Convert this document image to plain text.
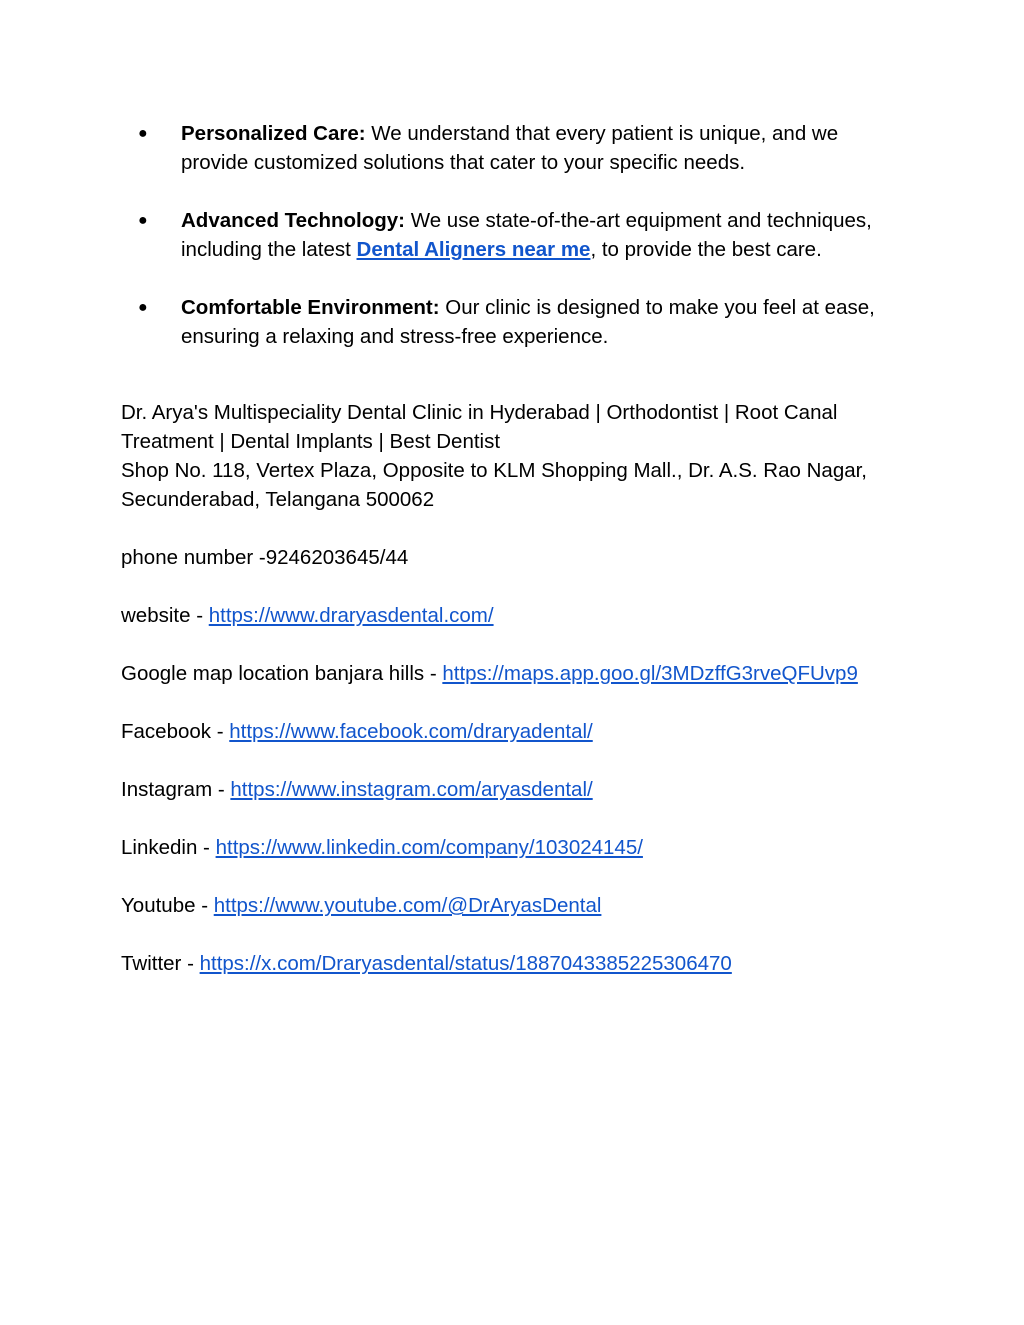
● Personalized Care: We understand that every patient is unique, and we provide customized solutions that cater to your specific needs.
● Advanced Technology: We use state-of-the-art equipment and techniques, including the latest Dental Aligners near me, to provide the best care.
● Comfortable Environment: Our clinic is designed to make you feel at ease, ensuring a relaxing and stress-free experience.

Dr. Arya's Multispeciality Dental Clinic in Hyderabad | Orthodontist | Root Canal Treatment | Dental Implants | Best Dentist

Shop No. 118, Vertex Plaza, Opposite to KLM Shopping Mall., Dr. A.S. Rao Nagar, Secunderabad, Telangana 500062

phone number -9246203645/44

website - https://www.draryasdental.com/

Google map location banjara hills - https://maps.app.goo.gl/3MDzffG3rveQFUvp9

Facebook - https://www.facebook.com/draryadental/

Instagram - https://www.instagram.com/aryasdental/

Linkedin - https://www.linkedin.com/company/103024145/

Youtube - https://www.youtube.com/@DrAryasDental

Twitter - https://x.com/Draryasdental/status/1887043385225306470
